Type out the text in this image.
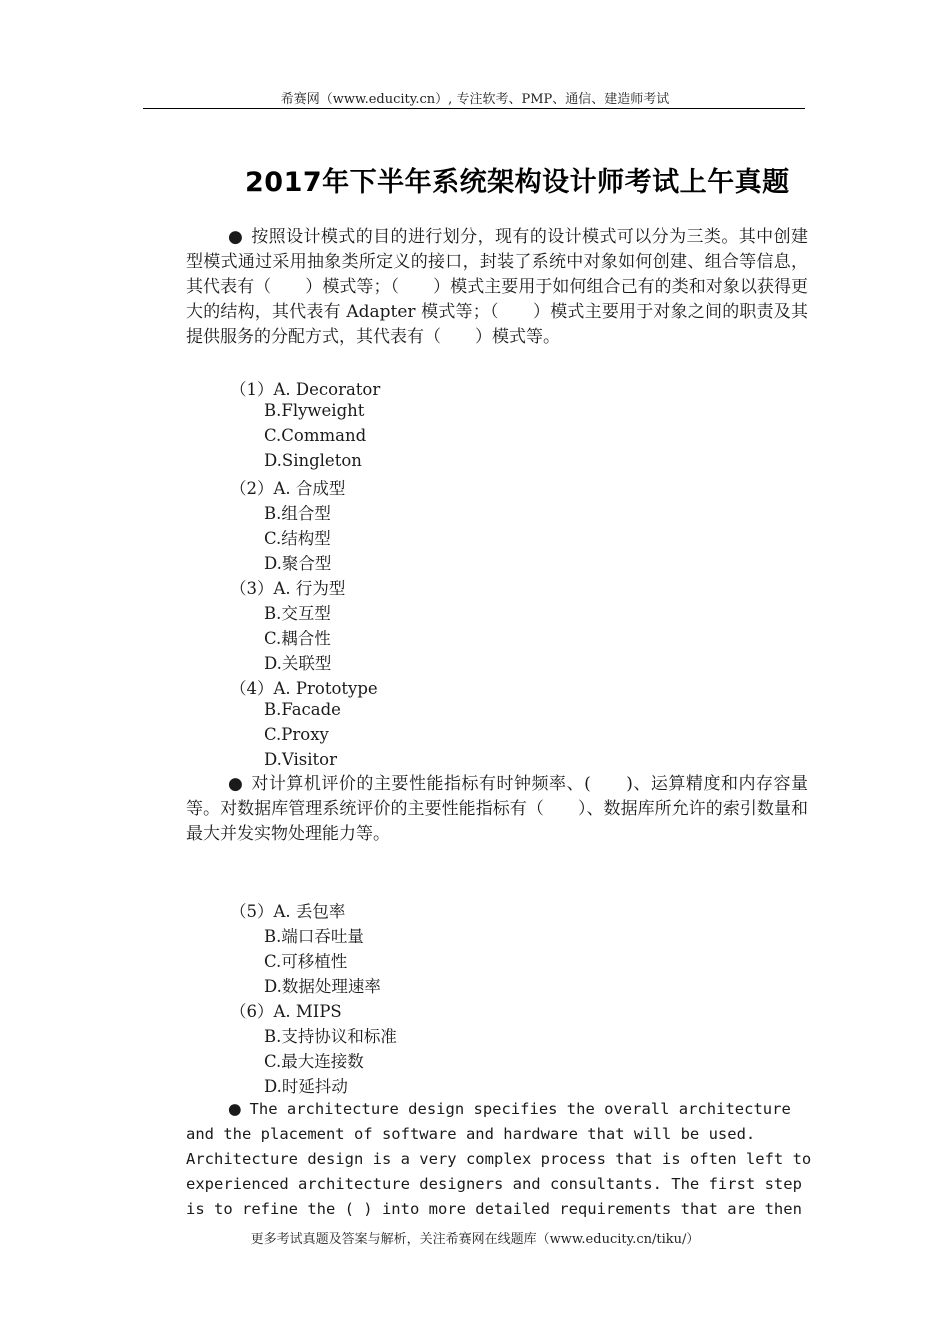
希赛网（www.educity.cn）, 专注软考、PMP、通信、建造师考试
2017年下半年系统架构设计师考试上午真题

● 按照设计模式的目的进行划分，现有的设计模式可以分为三类。其中创建型模式通过采用抽象类所定义的接口，封装了系统中对象如何创建、组合等信息，其代表有（　　）模式等；（　　）模式主要用于如何组合己有的类和对象以获得更大的结构，其代表有 Adapter 模式等；（　　）模式主要用于对象之间的职责及其提供服务的分配方式，其代表有（　　）模式等。

（1）A. Decorator
B.Flyweight
C.Command
D.Singleton
（2）A. 合成型
B.组合型
C.结构型
D.聚合型
（3）A. 行为型
B.交互型
C.耦合性
D.关联型
（4）A. Prototype
B.Facade
C.Proxy
D.Visitor

● 对计算机评价的主要性能指标有时钟频率、(　　)、运算精度和内存容量等。对数据库管理系统评价的主要性能指标有（　　）、数据库所允许的索引数量和最大并发实物处理能力等。

（5）A. 丢包率
B.端口吞吐量
C.可移植性
D.数据处理速率
（6）A. MIPS
B.支持协议和标准
C.最大连接数
D.时延抖动

● The architecture design specifies the overall architecture

and the placement of software and hardware that will be used.

Architecture design is a very complex process that is often left to

experienced architecture designers and consultants. The first step

is to refine the ( ) into more detailed requirements that are then

更多考试真题及答案与解析，关注希赛网在线题库（www.educity.cn/tiku/）
